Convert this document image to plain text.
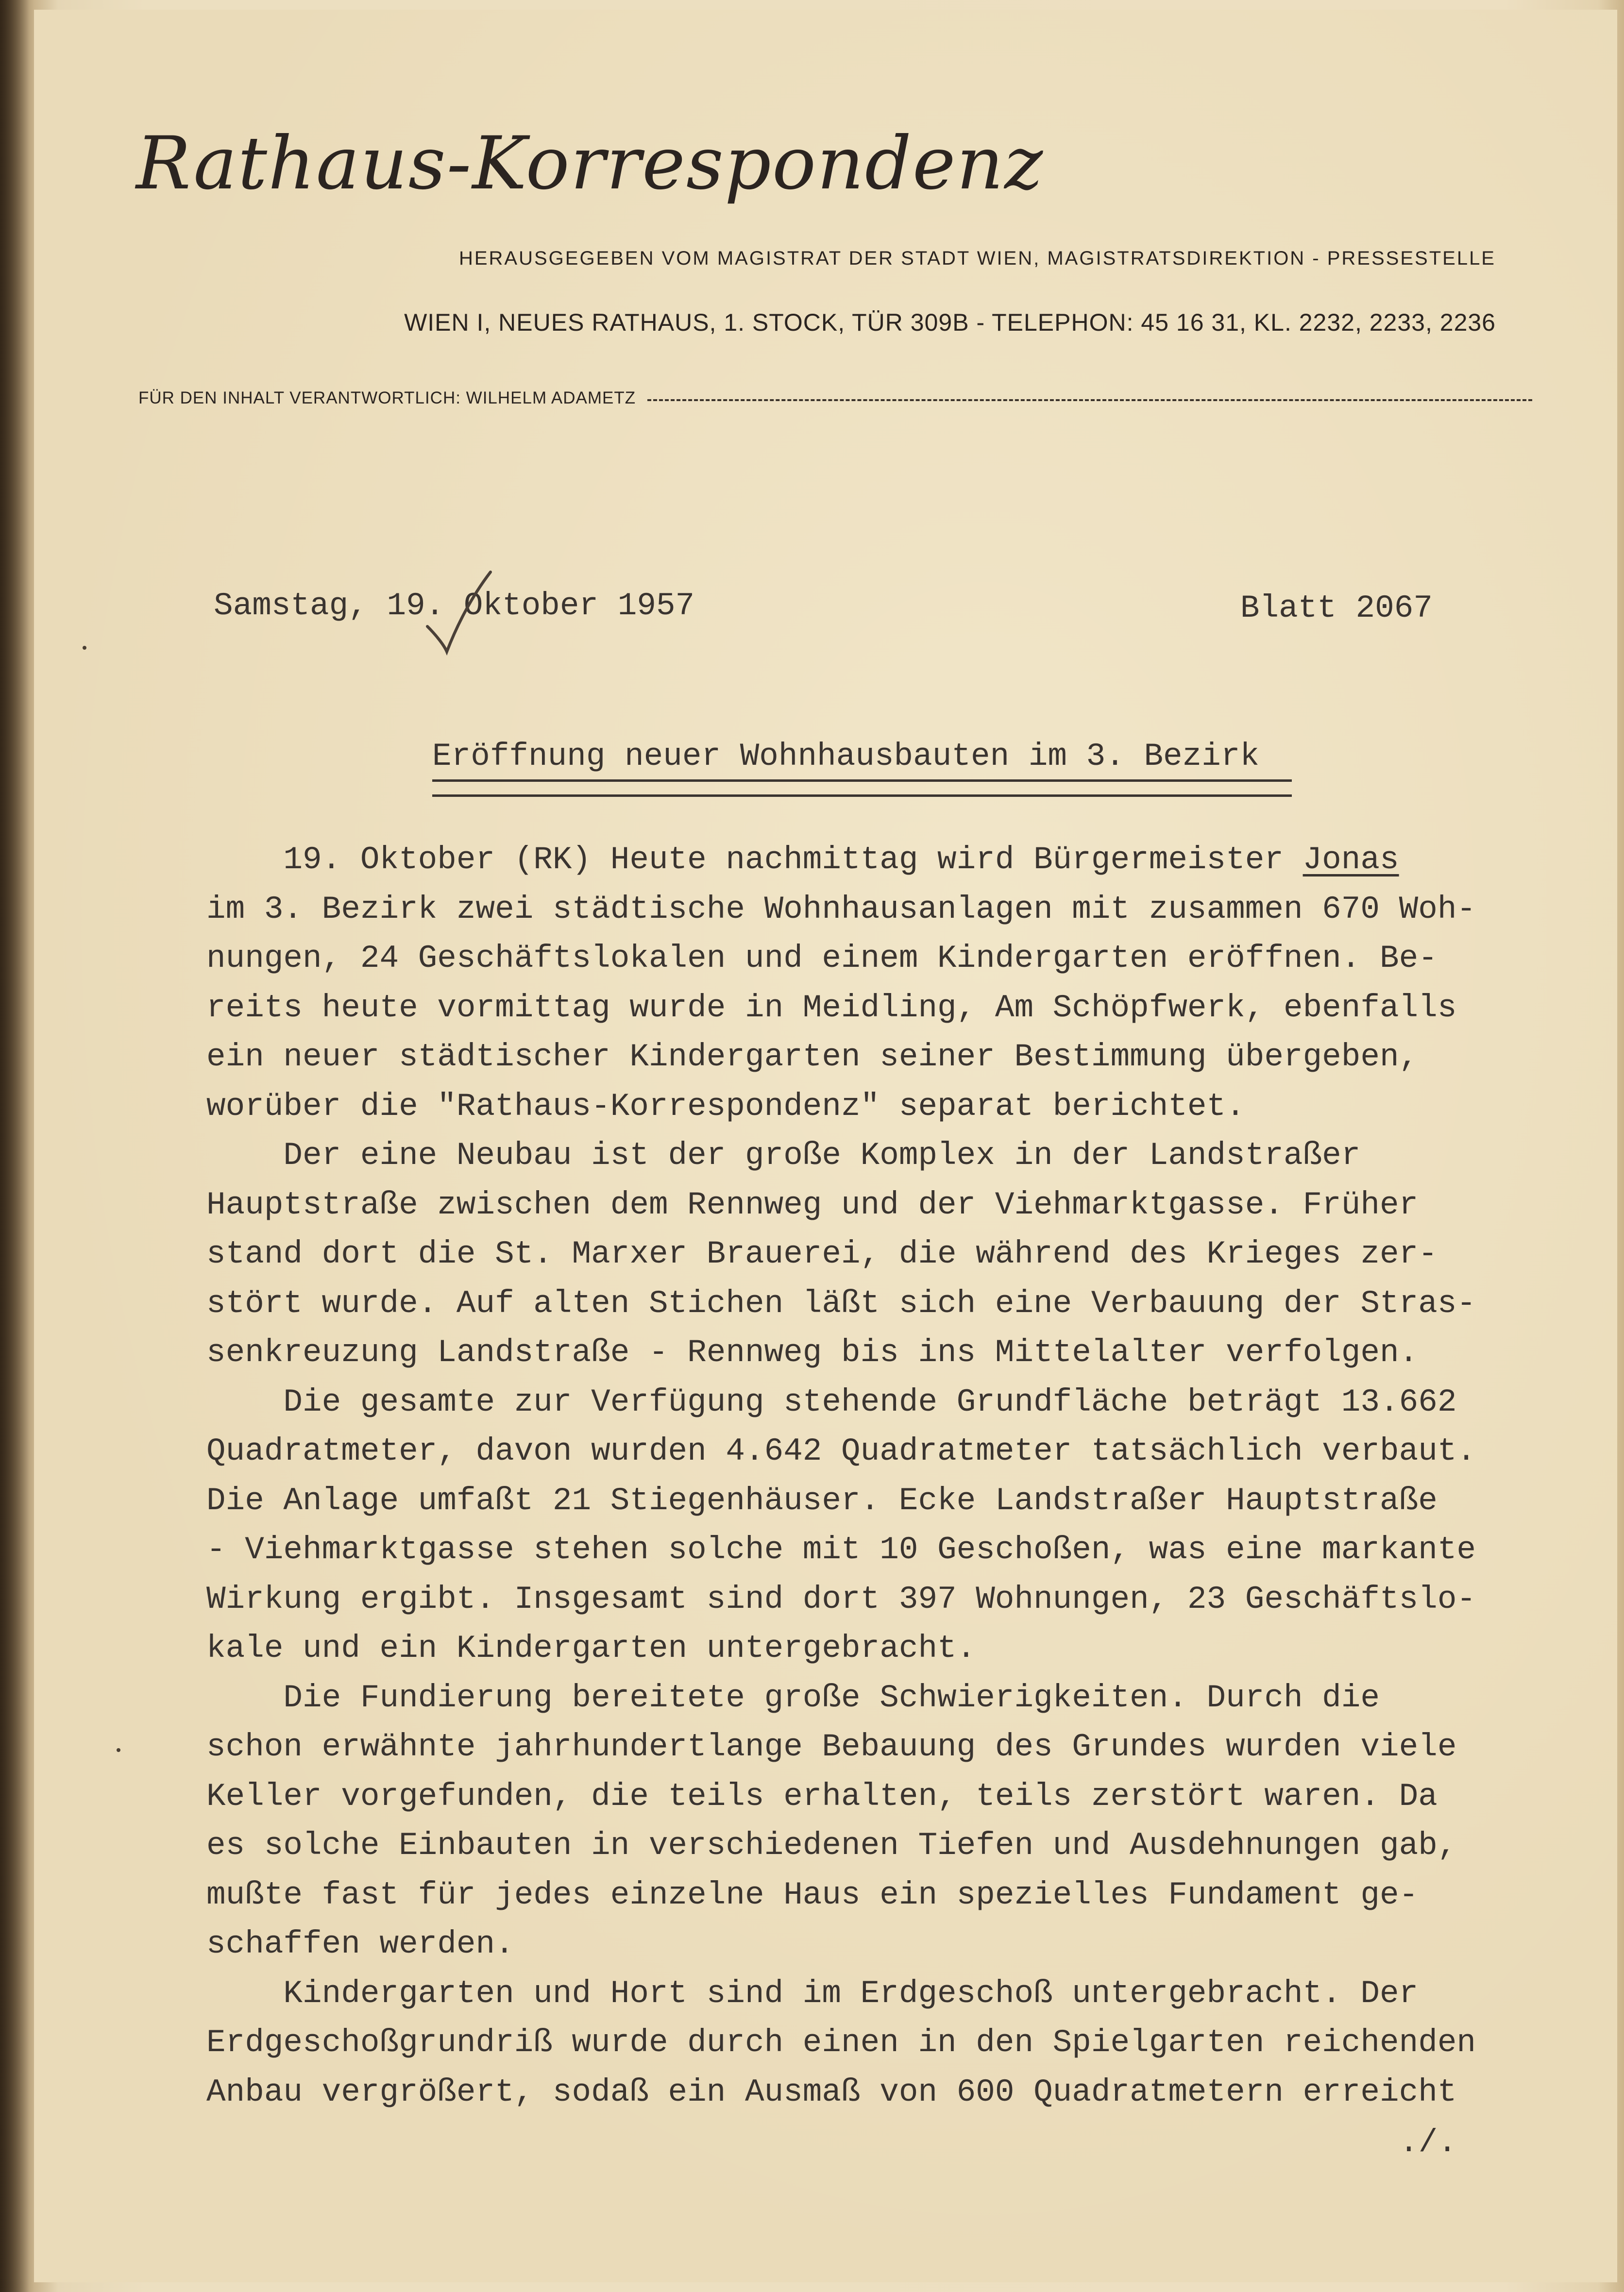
Rathaus-Korrespondenz
HERAUSGEGEBEN VOM MAGISTRAT DER STADT WIEN, MAGISTRATSDIREKTION - PRESSESTELLE
WIEN I, NEUES RATHAUS, 1. STOCK, TÜR 309B - TELEPHON: 45 16 31, KL. 2232, 2233, 2236
FÜR DEN INHALT VERANTWORTLICH: WILHELM ADAMETZ
Samstag, 19. Oktober 1957	Blatt 2067
Eröffnung neuer Wohnhausbauten im 3. Bezirk
19. Oktober (RK) Heute nachmittag wird Bürgermeister Jonas
im 3. Bezirk zwei städtische Wohnhausanlagen mit zusammen 670 Woh-
nungen, 24 Geschäftslokalen und einem Kindergarten eröffnen. Be-
reits heute vormittag wurde in Meidling, Am Schöpfwerk, ebenfalls
ein neuer städtischer Kindergarten seiner Bestimmung übergeben,
worüber die "Rathaus-Korrespondenz" separat berichtet.
Der eine Neubau ist der große Komplex in der Landstraßer
Hauptstraße zwischen dem Rennweg und der Viehmarktgasse. Früher
stand dort die St. Marxer Brauerei, die während des Krieges zer-
stört wurde. Auf alten Stichen läßt sich eine Verbauung der Stras-
senkreuzung Landstraße - Rennweg bis ins Mittelalter verfolgen.
Die gesamte zur Verfügung stehende Grundfläche beträgt 13.662
Quadratmeter, davon wurden 4.642 Quadratmeter tatsächlich verbaut.
Die Anlage umfaßt 21 Stiegenhäuser. Ecke Landstraßer Hauptstraße
- Viehmarktgasse stehen solche mit 10 Geschoßen, was eine markante
Wirkung ergibt. Insgesamt sind dort 397 Wohnungen, 23 Geschäftslo-
kale und ein Kindergarten untergebracht.
Die Fundierung bereitete große Schwierigkeiten. Durch die
schon erwähnte jahrhundertlange Bebauung des Grundes wurden viele
Keller vorgefunden, die teils erhalten, teils zerstört waren. Da
es solche Einbauten in verschiedenen Tiefen und Ausdehnungen gab,
mußte fast für jedes einzelne Haus ein spezielles Fundament ge-
schaffen werden.
Kindergarten und Hort sind im Erdgeschoß untergebracht. Der
Erdgeschoßgrundriß wurde durch einen in den Spielgarten reichenden
Anbau vergrößert, sodaß ein Ausmaß von 600 Quadratmetern erreicht
./.
